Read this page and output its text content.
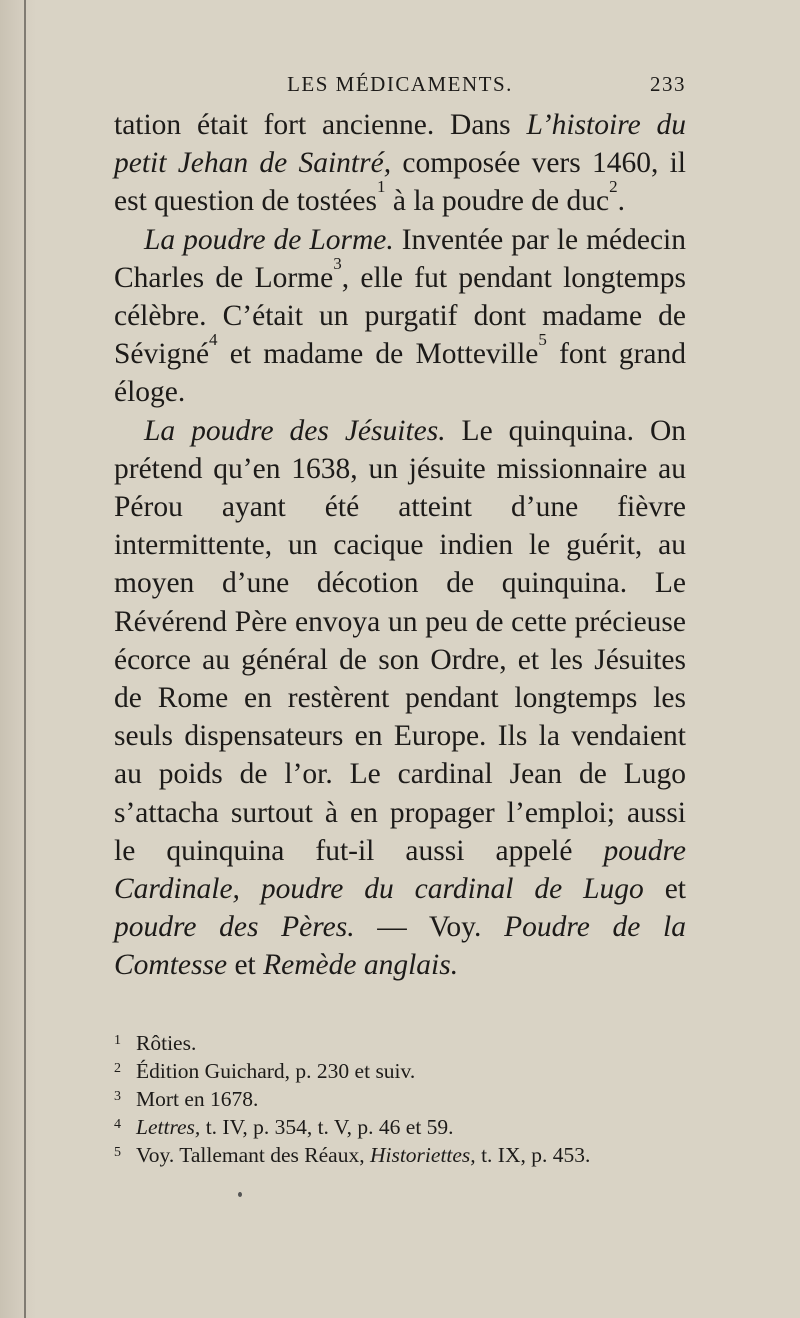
LES MÉDICAMENTS.	233

tation était fort ancienne. Dans L’histoire du petit Jehan de Saintré, composée vers 1460, il est question de tostées$^1$ à la poudre de duc$^2$.

La poudre de Lorme. Inventée par le médecin Charles de Lorme$^3$, elle fut pendant longtemps célèbre. C’était un purgatif dont madame de Sévigné$^4$ et madame de Motteville$^5$ font grand éloge.

La poudre des Jésuites. Le quinquina. On prétend qu’en 1638, un jésuite missionnaire au Pérou ayant été atteint d’une fièvre intermittente, un cacique indien le guérit, au moyen d’une décotion de quinquina. Le Révérend Père envoya un peu de cette précieuse écorce au général de son Ordre, et les Jésuites de Rome en restèrent pendant longtemps les seuls dispensateurs en Europe. Ils la vendaient au poids de l’or. Le cardinal Jean de Lugo s’attacha surtout à en propager l’emploi; aussi le quinquina fut-il aussi appelé poudre Cardinale, poudre du cardinal de Lugo et poudre des Pères. — Voy. Poudre de la Comtesse et Remède anglais.

1 Rôties.
2 Édition Guichard, p. 230 et suiv.
3 Mort en 1678.
4 Lettres, t. IV, p. 354, t. V, p. 46 et 59.
5 Voy. Tallemant des Réaux, Historiettes, t. IX, p. 453.
